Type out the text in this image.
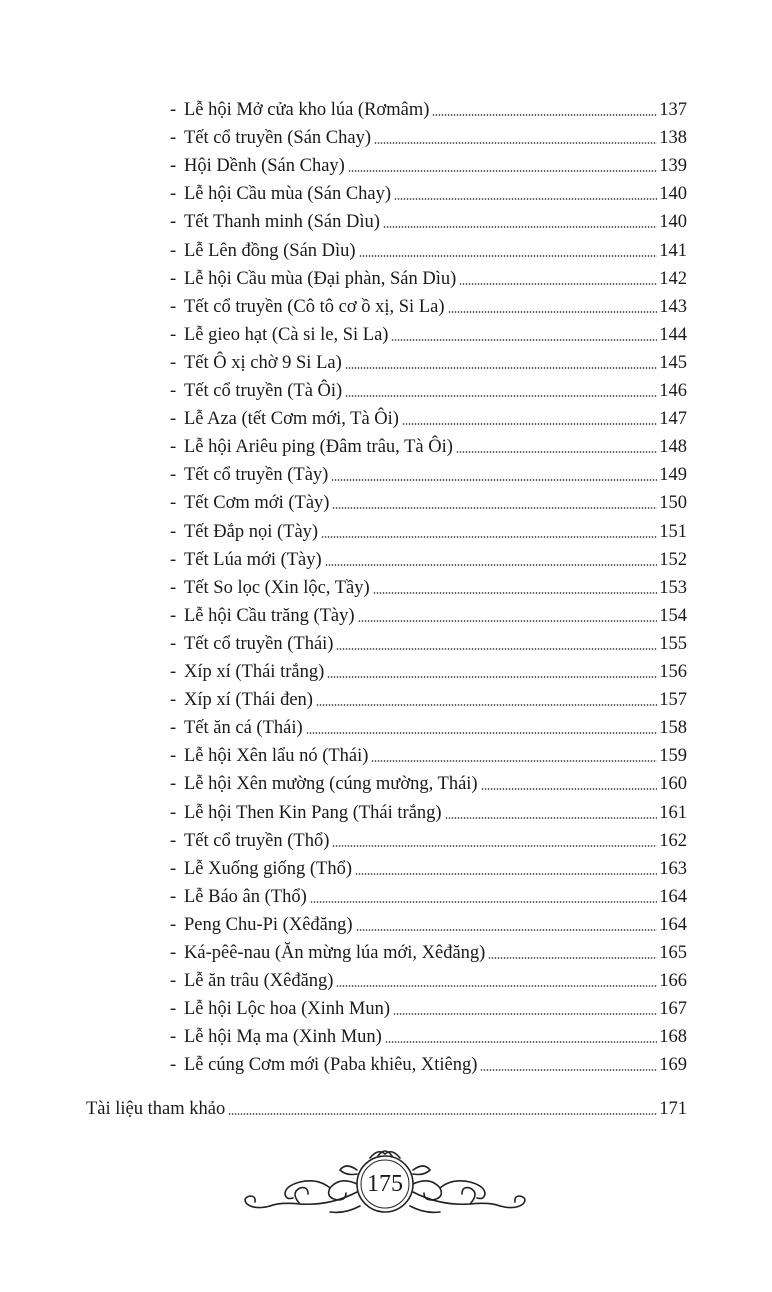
- Lễ hội Mở cửa kho lúa (Rơmâm)	137
- Tết cổ truyền (Sán Chay)	138
- Hội Dềnh (Sán Chay)	139
- Lễ hội Cầu mùa (Sán Chay)	140
- Tết Thanh minh (Sán Dìu)	140
- Lễ Lên đồng (Sán Dìu)	141
- Lễ hội Cầu mùa (Đại phàn, Sán Dìu)	142
- Tết cổ truyền (Cô tô cơ ồ xị, Si La)	143
- Lễ gieo hạt (Cà si le, Si La)	144
- Tết Ô xị chờ 9 Si La)	145
- Tết cổ truyền (Tà Ôi)	146
- Lễ Aza (tết Cơm mới, Tà Ôi)	147
- Lễ hội Ariêu ping (Đâm trâu, Tà Ôi)	148
- Tết cổ truyền (Tày)	149
- Tết Cơm mới (Tày)	150
- Tết Đắp nọi (Tày)	151
- Tết Lúa mới (Tày)	152
- Tết So lọc (Xin lộc, Tầy)	153
- Lễ hội Cầu trăng (Tày)	154
- Tết cổ truyền (Thái)	155
- Xíp xí (Thái trắng)	156
- Xíp xí (Thái đen)	157
- Tết ăn cá (Thái)	158
- Lễ hội Xên lẩu nó (Thái)	159
- Lễ hội Xên mường (cúng mường, Thái)	160
- Lễ hội Then Kin Pang (Thái trắng)	161
- Tết cổ truyền (Thổ)	162
- Lễ Xuống giống (Thổ)	163
- Lễ Báo ân (Thổ)	164
- Peng Chu-Pi (Xêđăng)	164
- Ká-pêê-nau (Ăn mừng lúa mới, Xêđăng)	165
- Lễ ăn trâu (Xêđăng)	166
- Lễ hội Lộc hoa (Xinh Mun)	167
- Lễ hội Mạ ma (Xinh Mun)	168
- Lễ cúng Cơm mới (Paba khiêu, Xtiêng)	169
Tài liệu tham khảo	171
175
